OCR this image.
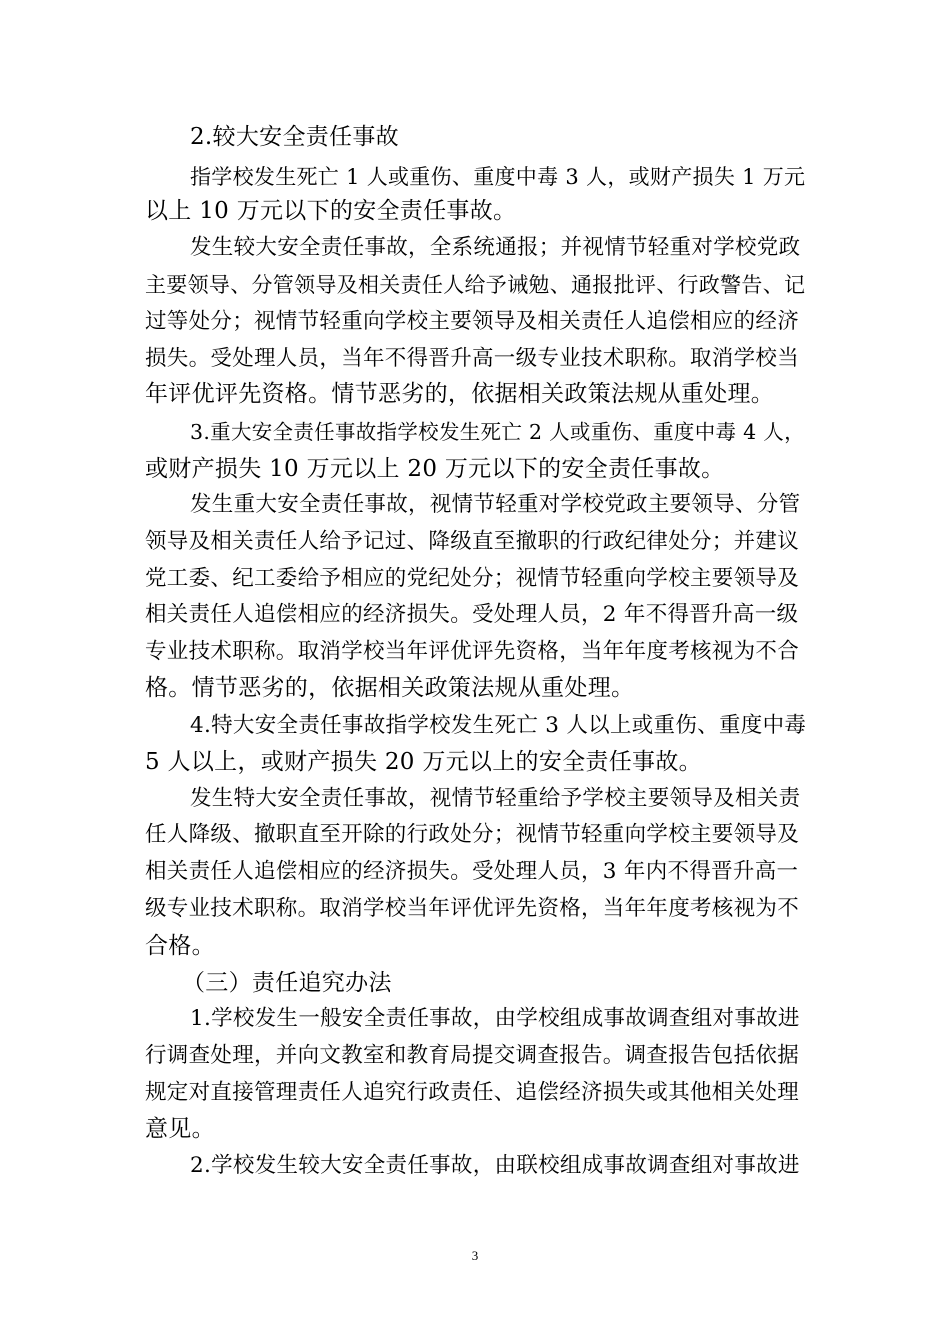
2.较大安全责任事故
指学校发生死亡 1 人或重伤、重度中毒 3 人，或财产损失 1 万元
以上 10 万元以下的安全责任事故。
发生较大安全责任事故，全系统通报；并视情节轻重对学校党政
主要领导、分管领导及相关责任人给予诫勉、通报批评、行政警告、记
过等处分；视情节轻重向学校主要领导及相关责任人追偿相应的经济
损失。受处理人员，当年不得晋升高一级专业技术职称。取消学校当
年评优评先资格。情节恶劣的，依据相关政策法规从重处理。
3.重大安全责任事故指学校发生死亡 2 人或重伤、重度中毒 4 人，
或财产损失 10 万元以上 20 万元以下的安全责任事故。
发生重大安全责任事故，视情节轻重对学校党政主要领导、分管
领导及相关责任人给予记过、降级直至撤职的行政纪律处分；并建议
党工委、纪工委给予相应的党纪处分；视情节轻重向学校主要领导及
相关责任人追偿相应的经济损失。受处理人员，2 年不得晋升高一级
专业技术职称。取消学校当年评优评先资格，当年年度考核视为不合
格。情节恶劣的，依据相关政策法规从重处理。
4.特大安全责任事故指学校发生死亡 3 人以上或重伤、重度中毒
5 人以上，或财产损失 20 万元以上的安全责任事故。
发生特大安全责任事故，视情节轻重给予学校主要领导及相关责
任人降级、撤职直至开除的行政处分；视情节轻重向学校主要领导及
相关责任人追偿相应的经济损失。受处理人员，3 年内不得晋升高一
级专业技术职称。取消学校当年评优评先资格，当年年度考核视为不
合格。
（三）责任追究办法
1.学校发生一般安全责任事故，由学校组成事故调查组对事故进
行调查处理，并向文教室和教育局提交调查报告。调查报告包括依据
规定对直接管理责任人追究行政责任、追偿经济损失或其他相关处理
意见。
2.学校发生较大安全责任事故，由联校组成事故调查组对事故进
3
